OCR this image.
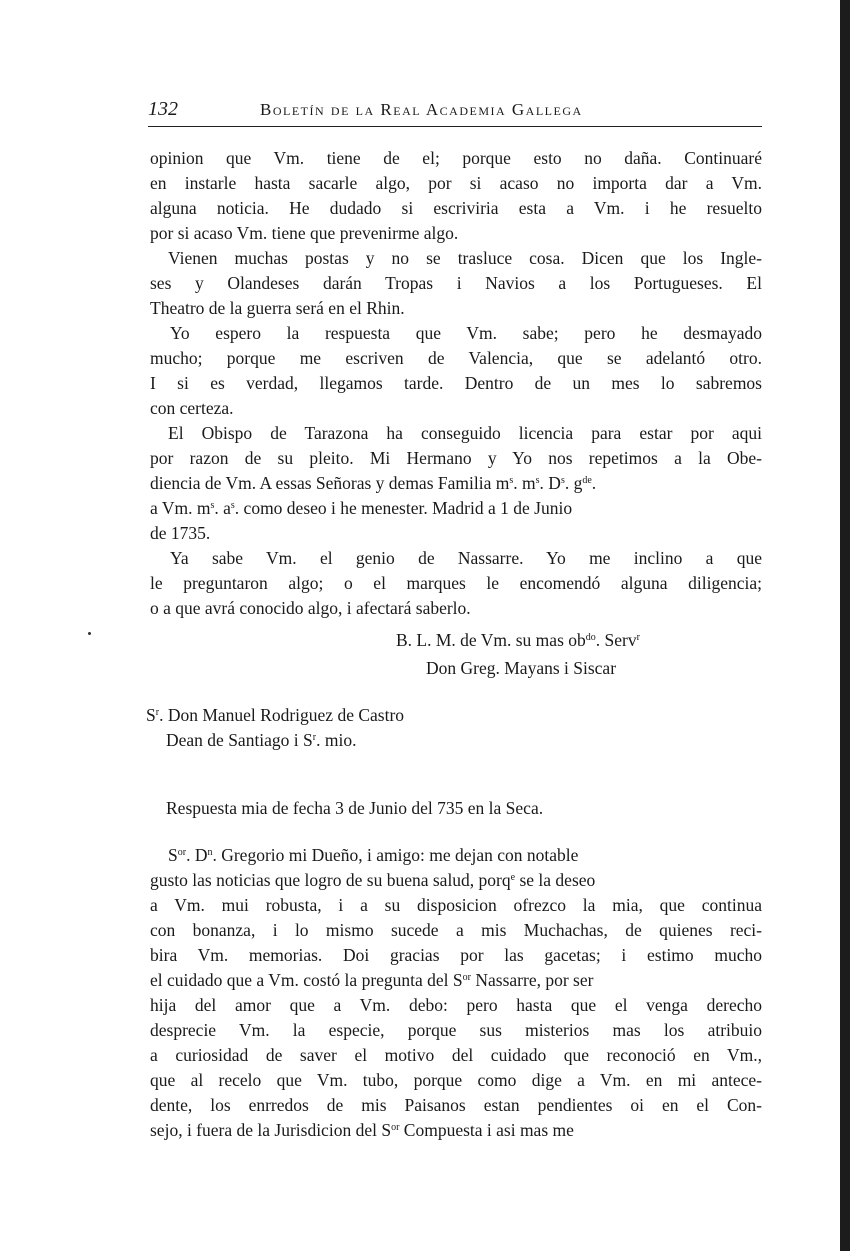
132	Boletín de la Real Academia Gallega
opinion que Vm. tiene de el; porque esto no daña. Continuaré
en instarle hasta sacarle algo, por si acaso no importa dar a Vm.
alguna noticia. He dudado si escriviria esta a Vm. i he resuelto
por si acaso Vm. tiene que prevenirme algo.
Vienen muchas postas y no se trasluce cosa. Dicen que los Ingle-
ses y Olandeses darán Tropas i Navios a los Portugueses. El
Theatro de la guerra será en el Rhin.
Yo espero la respuesta que Vm. sabe; pero he desmayado
mucho; porque me escriven de Valencia, que se adelantó otro.
I si es verdad, llegamos tarde. Dentro de un mes lo sabremos
con certeza.
El Obispo de Tarazona ha conseguido licencia para estar por aqui
por razon de su pleito. Mi Hermano y Yo nos repetimos a la Obe-
diencia de Vm. A essas Señoras y demas Familia $m^s$. $m^s$. $D^s$. $g^{de}$.
a Vm. $m^s$. $a^s$. como deseo i he menester. Madrid a 1 de Junio
de 1735.
Ya sabe Vm. el genio de Nassarre. Yo me inclino a que
le preguntaron algo; o el marques le encomendó alguna diligencia;
o a que avrá conocido algo, i afectará saberlo.
B. L. M. de Vm. su mas $ob^{do}$. Serv$^r$
Don Greg. Mayans i Siscar
$S^r$. Don Manuel Rodriguez de Castro
Dean de Santiago i $S^r$. mio.
Respuesta mia de fecha 3 de Junio del 735 en la Seca.
$S^{or}$. $D^n$. Gregorio mi Dueño, i amigo: me dejan con notable
gusto las noticias que logro de su buena salud, porq$^e$ se la deseo
a Vm. mui robusta, i a su disposicion ofrezco la mia, que continua
con bonanza, i lo mismo sucede a mis Muchachas, de quienes reci-
bira Vm. memorias. Doi gracias por las gacetas; i estimo mucho
el cuidado que a Vm. costó la pregunta del $S^{or}$ Nassarre, por ser
hija del amor que a Vm. debo: pero hasta que el venga derecho
desprecie Vm. la especie, porque sus misterios mas los atribuio
a curiosidad de saver el motivo del cuidado que reconoció en Vm.,
que al recelo que Vm. tubo, porque como dige a Vm. en mi antece-
dente, los enrredos de mis Paisanos estan pendientes oi en el Con-
sejo, i fuera de la Jurisdicion del $S^{or}$ Compuesta i asi mas me
